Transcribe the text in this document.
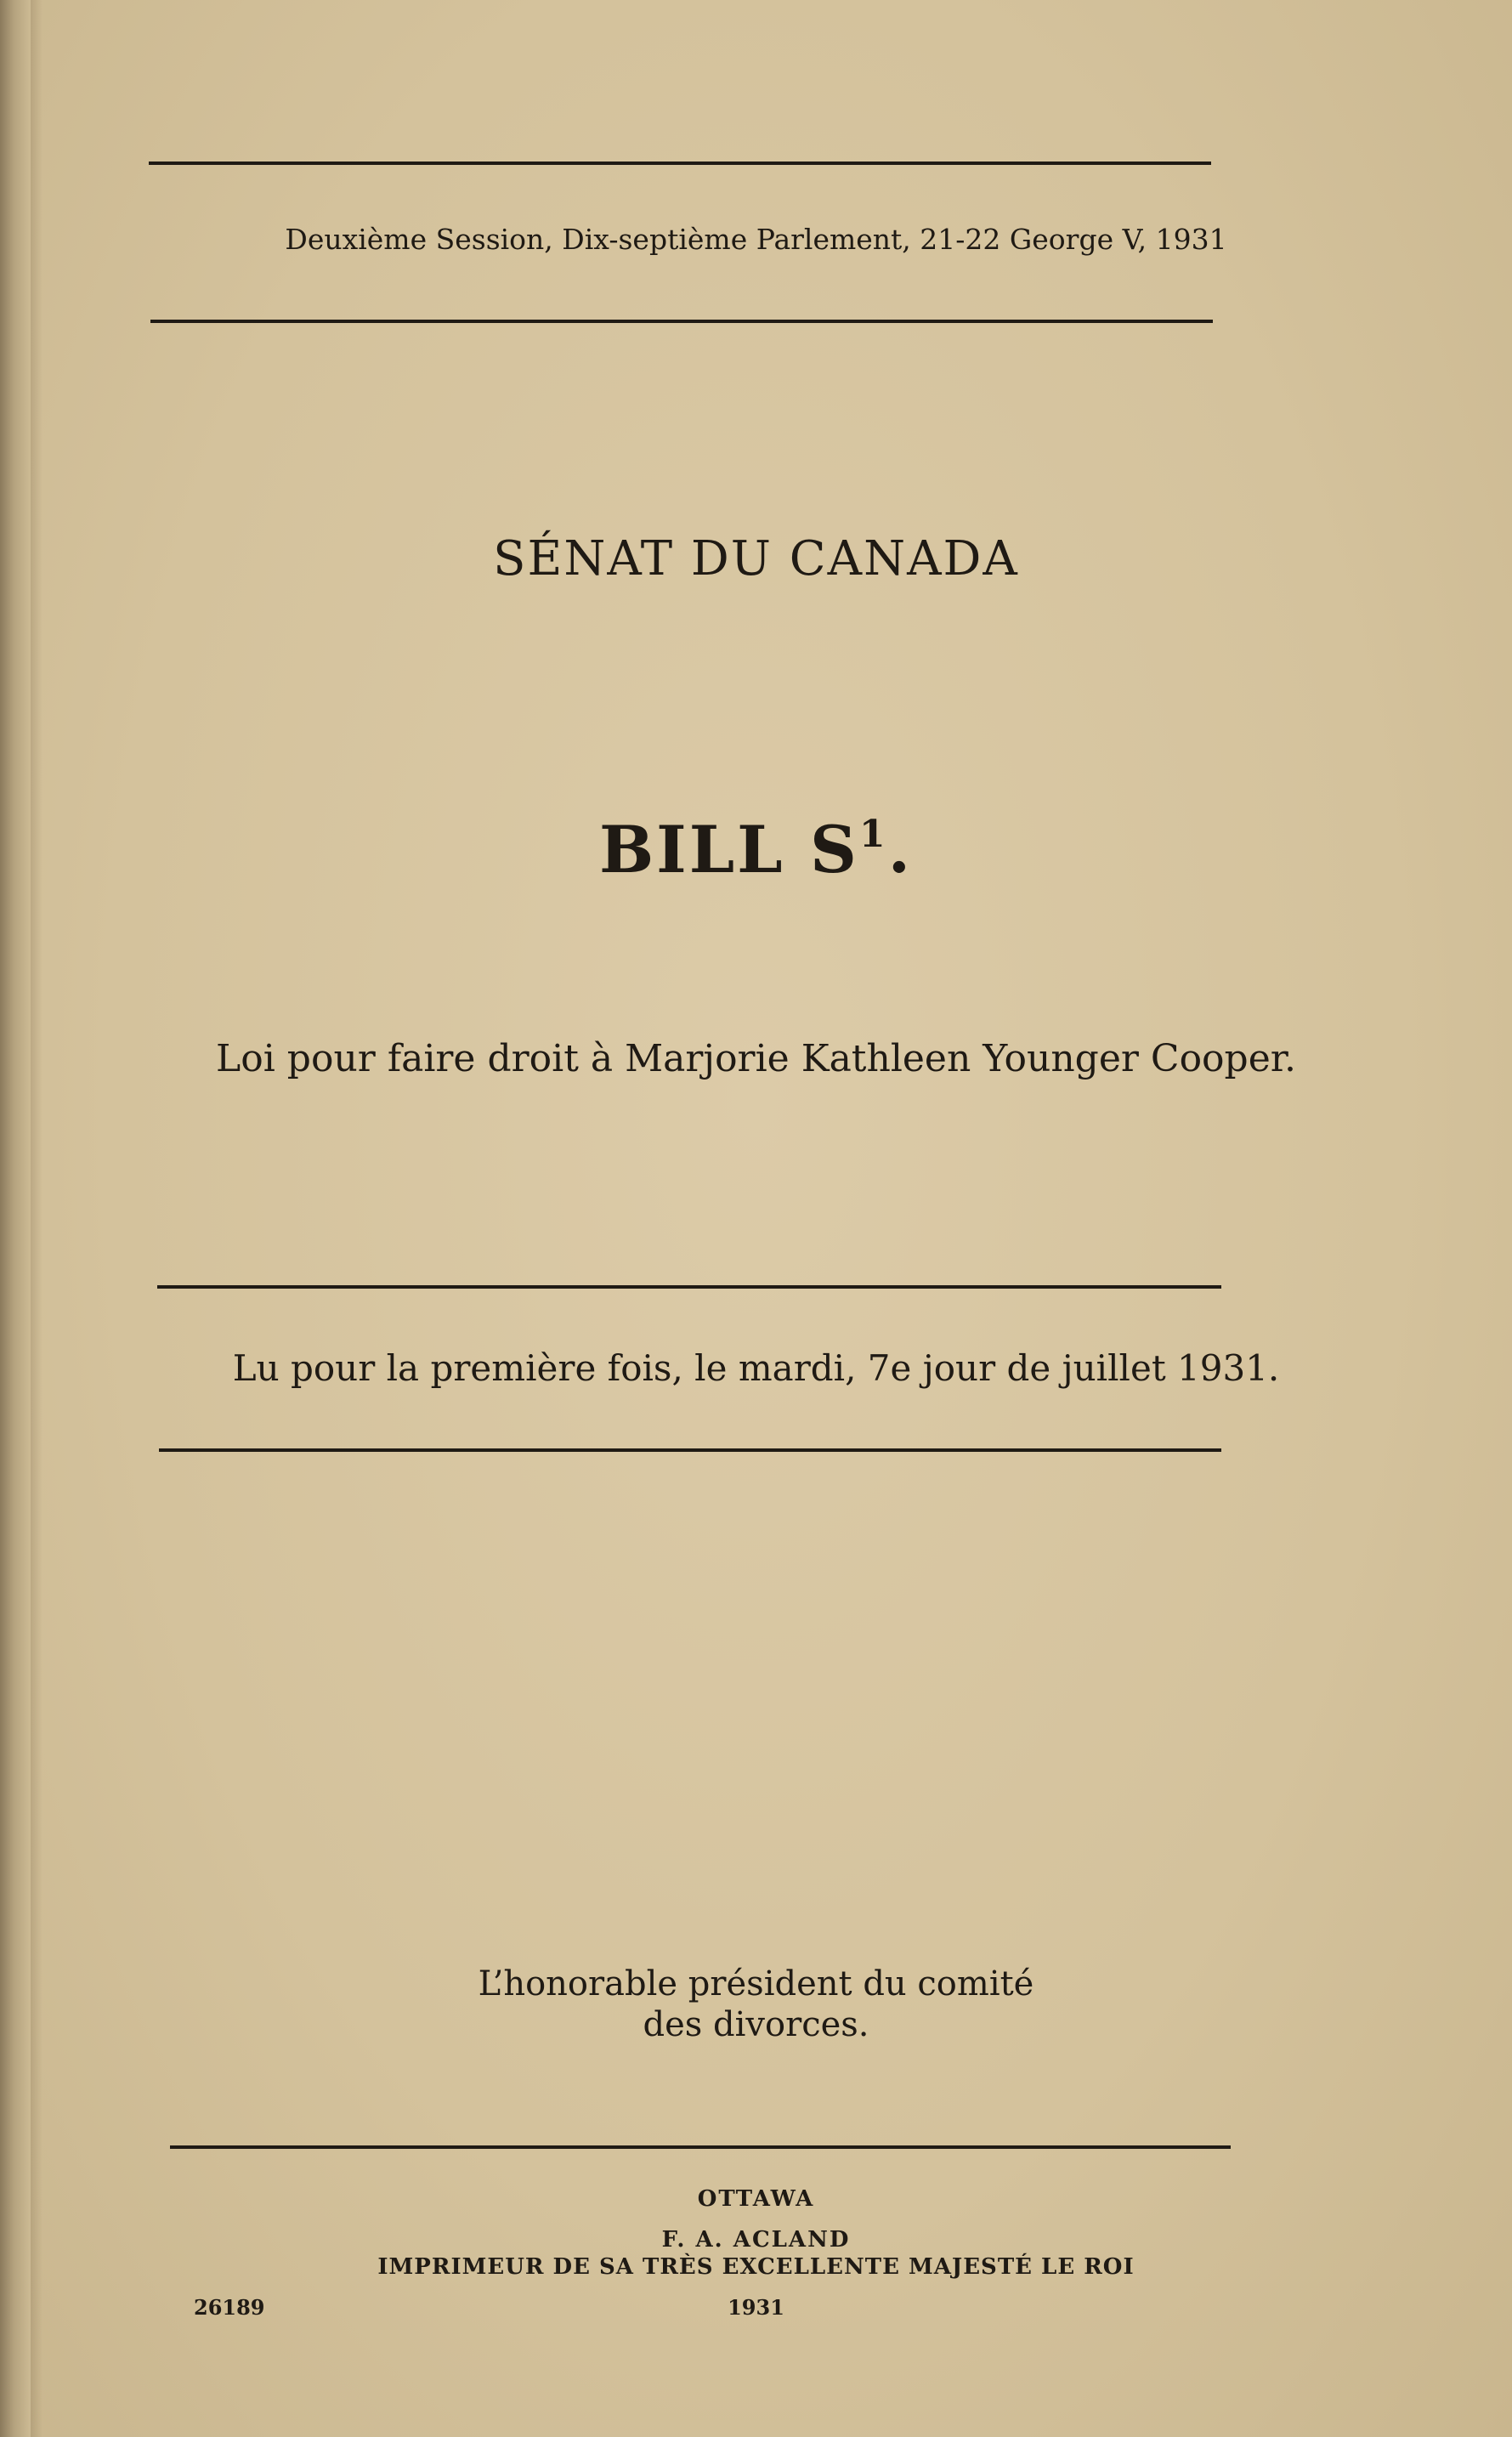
Deuxième Session, Dix-septième Parlement, 21-22 George V, 1931
SÉNAT DU CANADA
BILL $S^1$.
Loi pour faire droit à Marjorie Kathleen Younger Cooper.
Lu pour la première fois, le mardi, 7e jour de juillet 1931.
L’honorable président du comité
des divorces.
OTTAWA
F. A. ACLAND
IMPRIMEUR DE SA TRÈS EXCELLENTE MAJESTÉ LE ROI
1931
26189
